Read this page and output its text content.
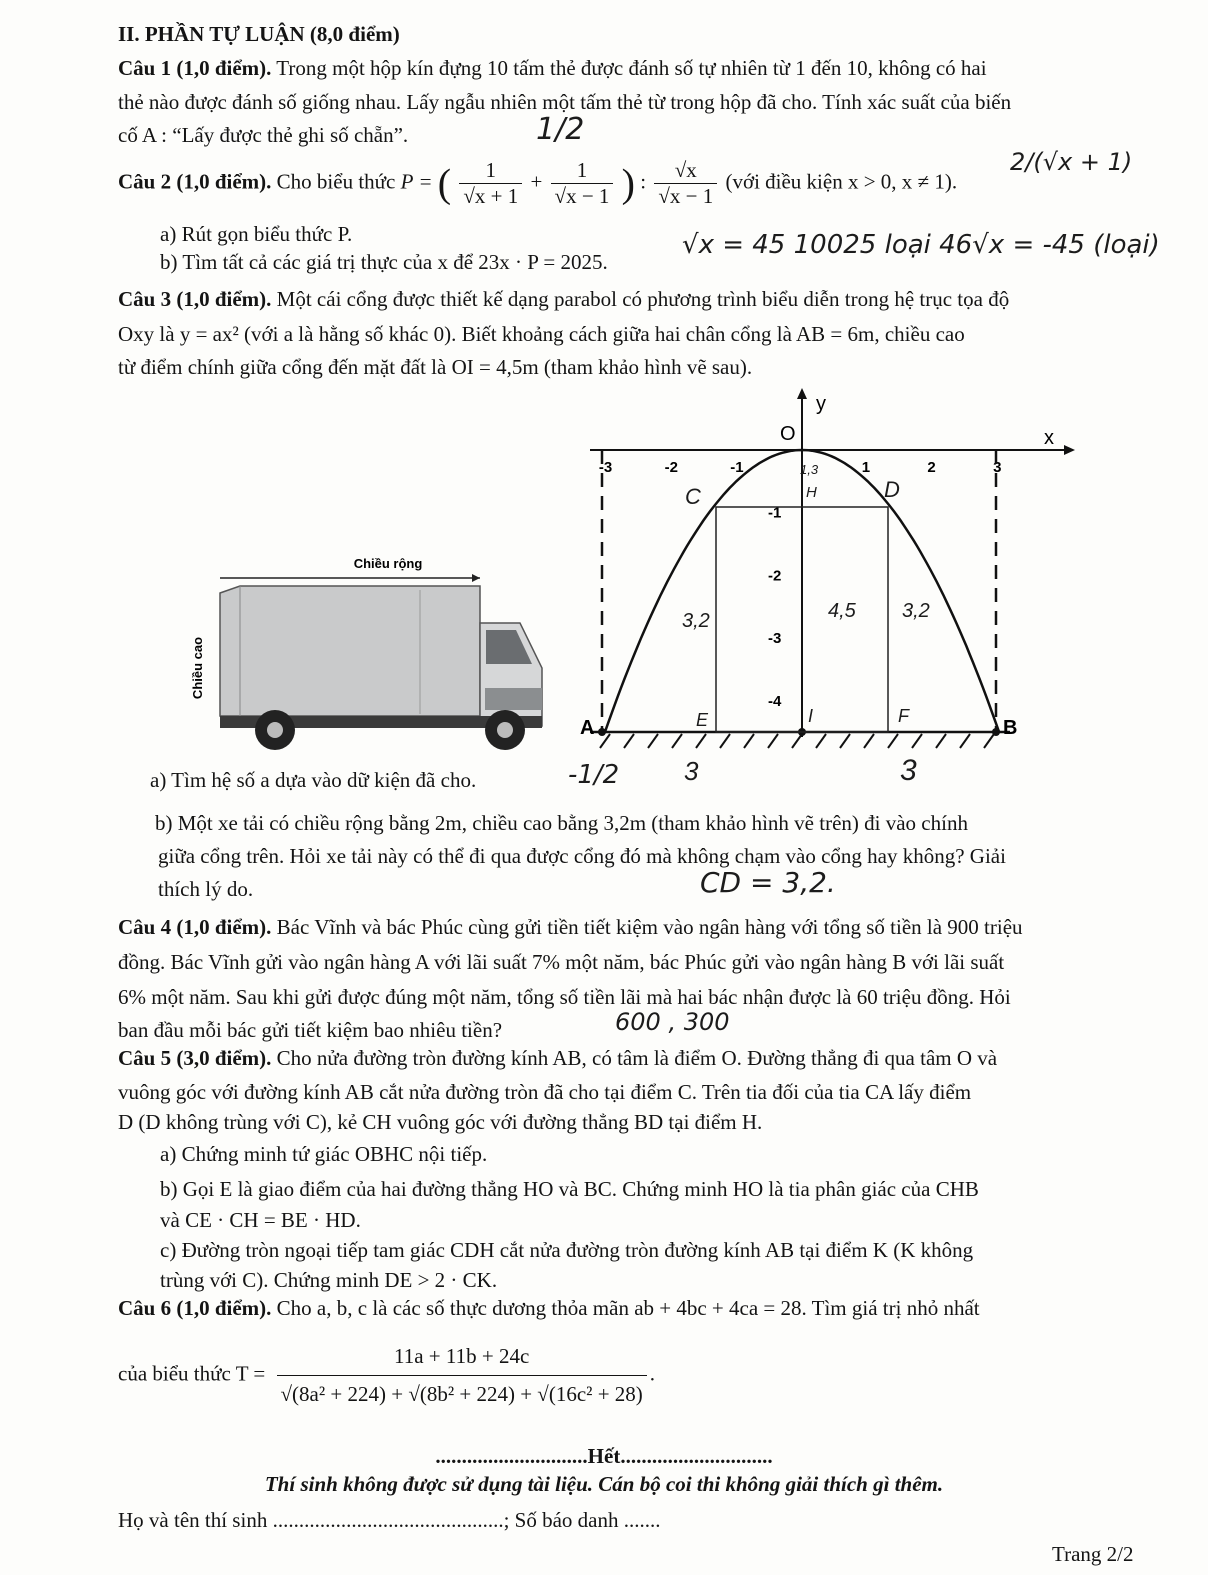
II. PHẦN TỰ LUẬN (8,0 điểm)
Câu 1 (1,0 điểm). Trong một hộp kín đựng 10 tấm thẻ được đánh số tự nhiên từ 1 đến 10, không có hai
thẻ nào được đánh số giống nhau. Lấy ngẫu nhiên một tấm thẻ từ trong hộp đã cho. Tính xác suất của biến
cố A : “Lấy được thẻ ghi số chẵn”.	1/2
Câu 2 (1,0 điểm). Cho biểu thức P = ( $\frac{1}{√x + 1} + \frac{1}{√x - 1}$ ) : $\frac{√x}{√x - 1}$ (với điều kiện x > 0, x ≠ 1).
2/(√x + 1)
a) Rút gọn biểu thức P.
b) Tìm tất cả các giá trị thực của x để 23x · P = 2025.
√x = 45 10025 loại 46√x = -45 (loại)
Câu 3 (1,0 điểm). Một cái cổng được thiết kế dạng parabol có phương trình biểu diễn trong hệ trục tọa độ
Oxy là y = ax² (với a là hằng số khác 0). Biết khoảng cách giữa hai chân cổng là AB = 6m, chiều cao
từ điểm chính giữa cổng đến mặt đất là OI = 4,5m (tham khảo hình vẽ sau).
Chiều rộng
Chiều cao
y
x
O
-3	-2	-1	1	2	3
-1
-2
-3
-4
A	B
C	D
H
1,3
3,2	4,5 3,2
E	I	F
3	3
a) Tìm hệ số a dựa vào dữ kiện đã cho.	-1/2
b) Một xe tải có chiều rộng bằng 2m, chiều cao bằng 3,2m (tham khảo hình vẽ trên) đi vào chính
giữa cổng trên. Hỏi xe tải này có thể đi qua được cổng đó mà không chạm vào cổng hay không? Giải
thích lý do.	CD = 3,2.
Câu 4 (1,0 điểm). Bác Vĩnh và bác Phúc cùng gửi tiền tiết kiệm vào ngân hàng với tổng số tiền là 900 triệu
đồng. Bác Vĩnh gửi vào ngân hàng A với lãi suất 7% một năm, bác Phúc gửi vào ngân hàng B với lãi suất
6% một năm. Sau khi gửi được đúng một năm, tổng số tiền lãi mà hai bác nhận được là 60 triệu đồng. Hỏi
ban đầu mỗi bác gửi tiết kiệm bao nhiêu tiền?	600 , 300
Câu 5 (3,0 điểm). Cho nửa đường tròn đường kính AB, có tâm là điểm O. Đường thẳng đi qua tâm O và
vuông góc với đường kính AB cắt nửa đường tròn đã cho tại điểm C. Trên tia đối của tia CA lấy điểm
D (D không trùng với C), kẻ CH vuông góc với đường thẳng BD tại điểm H.
a) Chứng minh tứ giác OBHC nội tiếp.
b) Gọi E là giao điểm của hai đường thẳng HO và BC. Chứng minh HO là tia phân giác của CHB
và CE · CH = BE · HD.
c) Đường tròn ngoại tiếp tam giác CDH cắt nửa đường tròn đường kính AB tại điểm K (K không
trùng với C). Chứng minh DE > 2 · CK.
Câu 6 (1,0 điểm). Cho a, b, c là các số thực dương thỏa mãn ab + 4bc + 4ca = 28. Tìm giá trị nhỏ nhất
của biểu thức $T = \frac{11a + 11b + 24c}{\text{√(8a² + 224) + √(8b² + 224) + √(16c² + 28)}}$ .
.............................Hết.............................
Thí sinh không được sử dụng tài liệu. Cán bộ coi thi không giải thích gì thêm.
Họ và tên thí sinh ............................................; Số báo danh .......
Trang 2/2
